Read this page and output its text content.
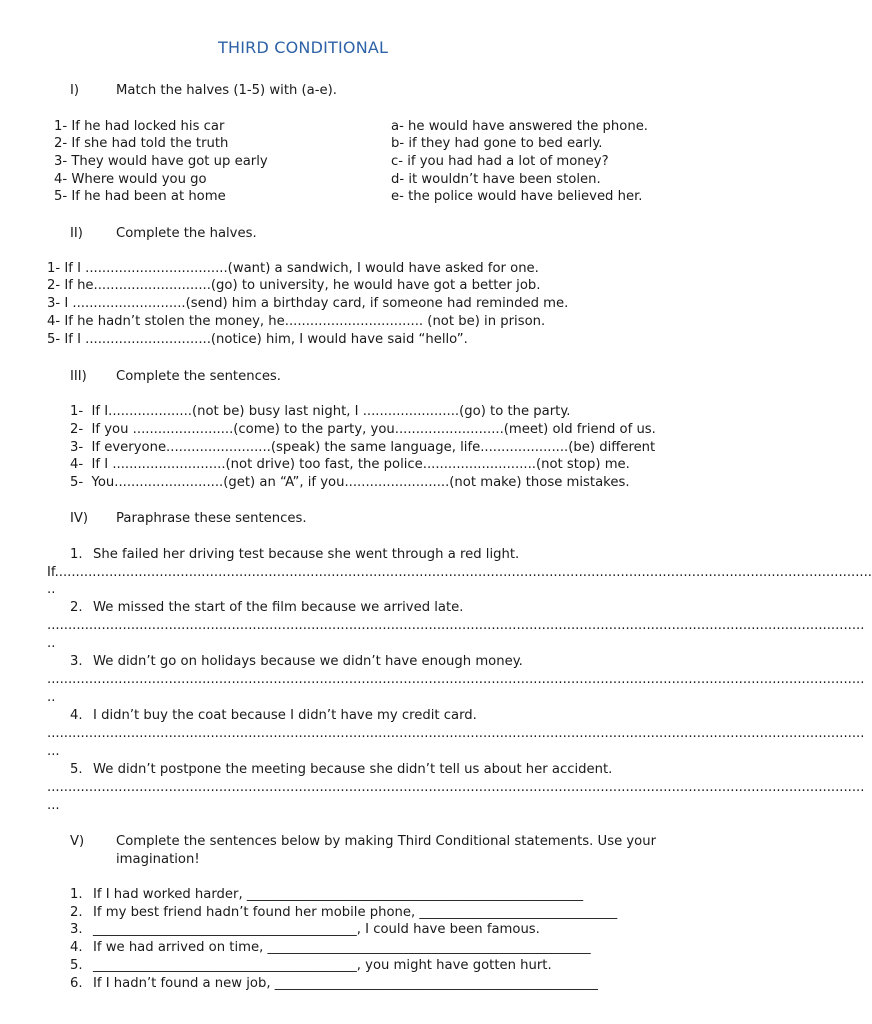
THIRD CONDITIONAL
I)	Match the halves (1-5) with (a-e).
1- If he had locked his car
2- If she had told the truth
3- They would have got up early
4- Where would you go
5- If he had been at home
a- he would have answered the phone.
b- if they had gone to bed early.
c- if you had had a lot of money?
d- it wouldn’t have been stolen.
e- the police would have believed her.
II)	Complete the halves.
1- If I ..................................(want) a sandwich, I would have asked for one.
2- If he............................(go) to university, he would have got a better job.
3- I ...........................(send) him a birthday card, if someone had reminded me.
4- If he hadn’t stolen the money, he................................. (not be) in prison.
5- If I ..............................(notice) him, I would have said “hello”.
III) Complete the sentences.
1-  If I....................(not be) busy last night, I .......................(go) to the party.
2-  If you ........................(come) to the party, you..........................(meet) old friend of us.
3-  If everyone.........................(speak) the same language, life.....................(be) different
4-  If I ...........................(not drive) too fast, the police...........................(not stop) me.
5-  You..........................(get) an “A”, if you.........................(not make) those mistakes.
IV) Paraphrase these sentences.
1. She failed her driving test because she went through a red light.
If...................................................................................................................................................................................................
..
2. We missed the start of the film because we arrived late.
...................................................................................................................................................................................................
..
3. We didn’t go on holidays because we didn’t have enough money.
...................................................................................................................................................................................................
..
4. I didn’t buy the coat because I didn’t have my credit card.
...................................................................................................................................................................................................
...
5. We didn’t postpone the meeting because she didn’t tell us about her accident.
...................................................................................................................................................................................................
...
V) Complete the sentences below by making Third Conditional statements. Use your
imagination!
1. If I had worked harder, ___________________________________________________
2. If my best friend hadn’t found her mobile phone, ______________________________
3. ________________________________________, I could have been famous.
4. If we had arrived on time, _________________________________________________
5. ________________________________________, you might have gotten hurt.
6. If I hadn’t found a new job, _________________________________________________
